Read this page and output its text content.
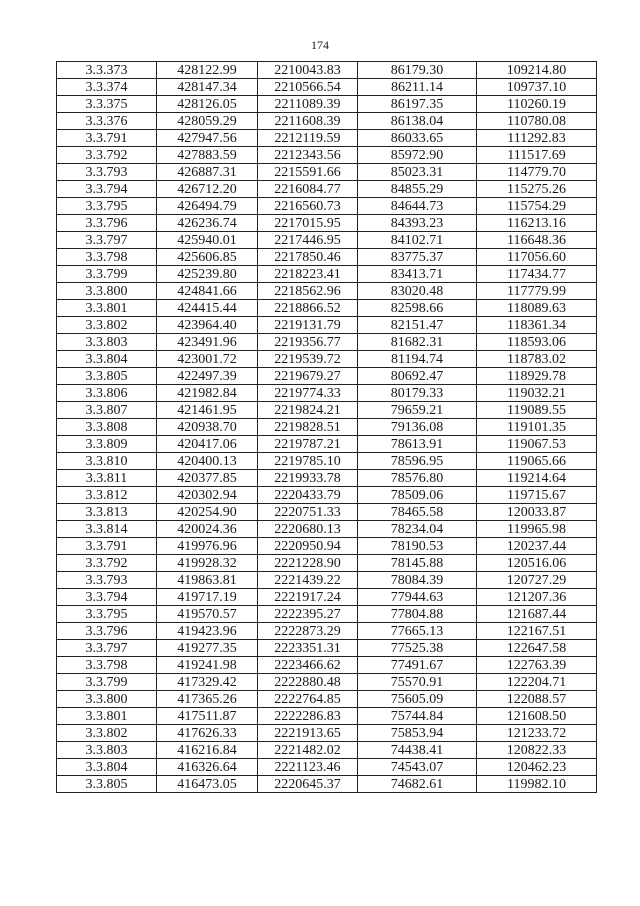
174
3.3.373	428122.99	2210043.83	86179.30	109214.80
3.3.374	428147.34	2210566.54	86211.14	109737.10
3.3.375	428126.05	2211089.39	86197.35	110260.19
3.3.376	428059.29	2211608.39	86138.04	110780.08
3.3.791	427947.56	2212119.59	86033.65	111292.83
3.3.792	427883.59	2212343.56	85972.90	111517.69
3.3.793	426887.31	2215591.66	85023.31	114779.70
3.3.794	426712.20	2216084.77	84855.29	115275.26
3.3.795	426494.79	2216560.73	84644.73	115754.29
3.3.796	426236.74	2217015.95	84393.23	116213.16
3.3.797	425940.01	2217446.95	84102.71	116648.36
3.3.798	425606.85	2217850.46	83775.37	117056.60
3.3.799	425239.80	2218223.41	83413.71	117434.77
3.3.800	424841.66	2218562.96	83020.48	117779.99
3.3.801	424415.44	2218866.52	82598.66	118089.63
3.3.802	423964.40	2219131.79	82151.47	118361.34
3.3.803	423491.96	2219356.77	81682.31	118593.06
3.3.804	423001.72	2219539.72	81194.74	118783.02
3.3.805	422497.39	2219679.27	80692.47	118929.78
3.3.806	421982.84	2219774.33	80179.33	119032.21
3.3.807	421461.95	2219824.21	79659.21	119089.55
3.3.808	420938.70	2219828.51	79136.08	119101.35
3.3.809	420417.06	2219787.21	78613.91	119067.53
3.3.810	420400.13	2219785.10	78596.95	119065.66
3.3.811	420377.85	2219933.78	78576.80	119214.64
3.3.812	420302.94	2220433.79	78509.06	119715.67
3.3.813	420254.90	2220751.33	78465.58	120033.87
3.3.814	420024.36	2220680.13	78234.04	119965.98
3.3.791	419976.96	2220950.94	78190.53	120237.44
3.3.792	419928.32	2221228.90	78145.88	120516.06
3.3.793	419863.81	2221439.22	78084.39	120727.29
3.3.794	419717.19	2221917.24	77944.63	121207.36
3.3.795	419570.57	2222395.27	77804.88	121687.44
3.3.796	419423.96	2222873.29	77665.13	122167.51
3.3.797	419277.35	2223351.31	77525.38	122647.58
3.3.798	419241.98	2223466.62	77491.67	122763.39
3.3.799	417329.42	2222880.48	75570.91	122204.71
3.3.800	417365.26	2222764.85	75605.09	122088.57
3.3.801	417511.87	2222286.83	75744.84	121608.50
3.3.802	417626.33	2221913.65	75853.94	121233.72
3.3.803	416216.84	2221482.02	74438.41	120822.33
3.3.804	416326.64	2221123.46	74543.07	120462.23
3.3.805	416473.05	2220645.37	74682.61	119982.10
